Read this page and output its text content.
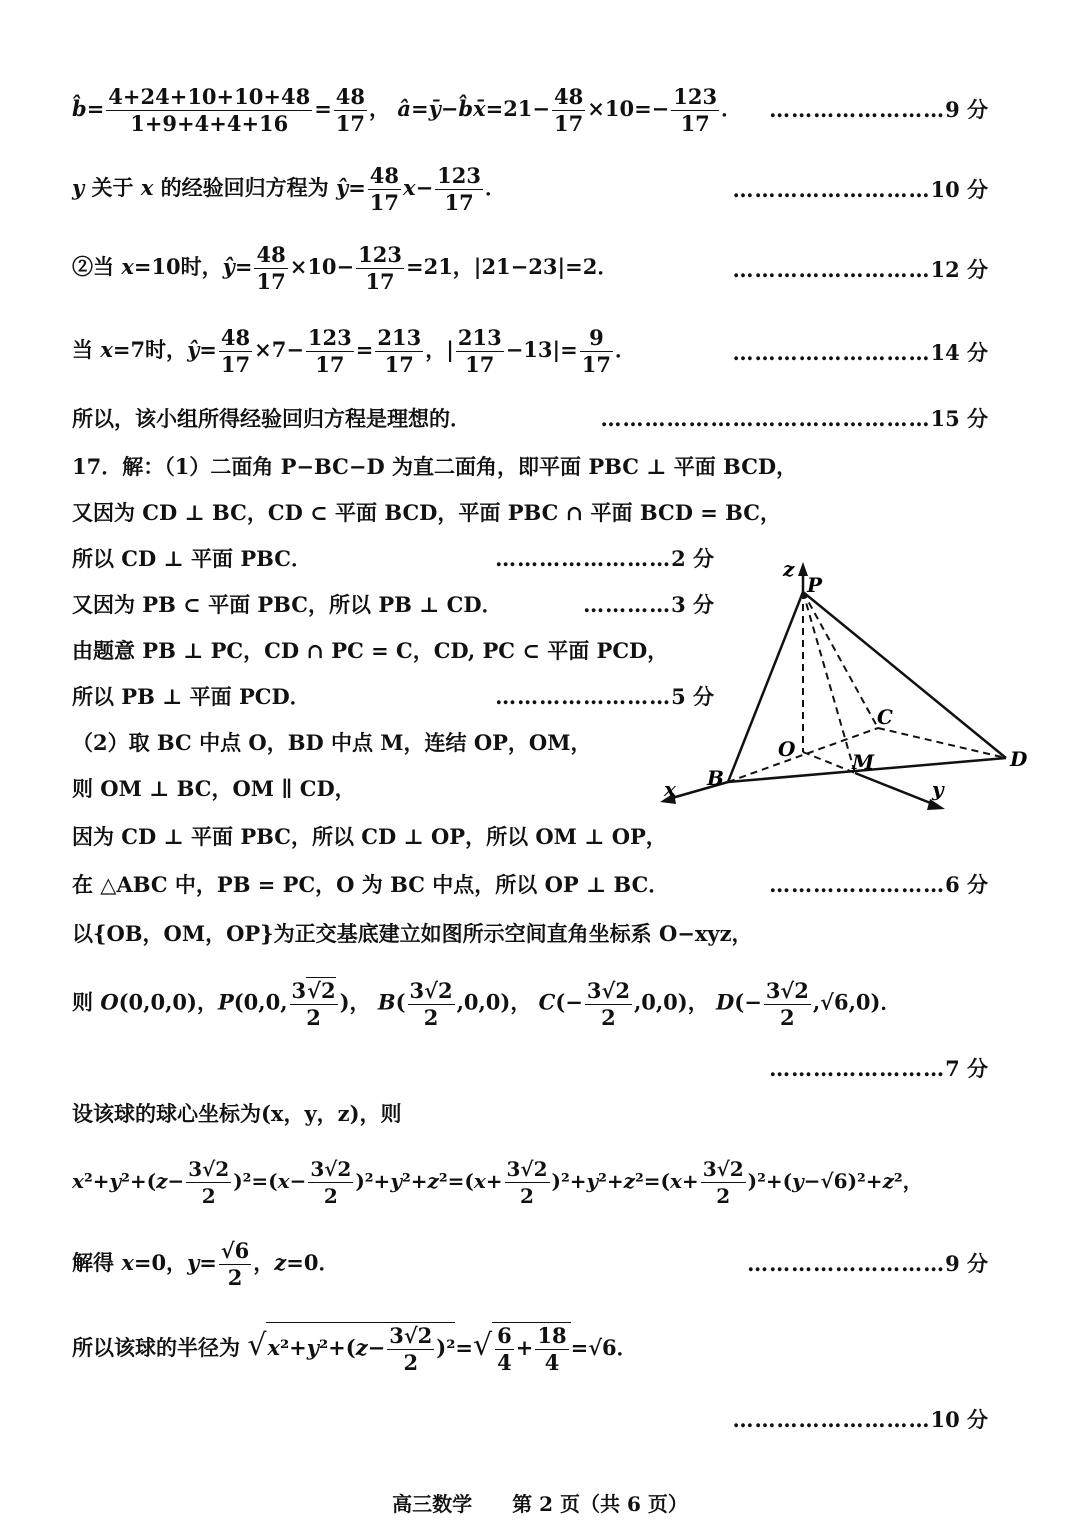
b̂= $\frac{4+24+10+10+48}{1+9+4+4+16} = \frac{48}{17}$ ， â=ȳ−b̂x̄=21− $\frac{48}{17} \times 10=- \frac{123}{17}$ ． ……………………9 分
y 关于 x 的经验回归方程为 ŷ= $\frac{48}{17} x- \frac{123}{17}$ ．	………………………10 分
②当 x=10时，ŷ= $\frac{48}{17} \times 10- \frac{123}{17} =21$，|21−23|=2．	………………………12 分
当 x=7时，ŷ= $\frac{48}{17} \times 7- \frac{123}{17} = \frac{213}{17}$ ，| $\frac{213}{17} -13|= \frac{9}{17}$ ．	………………………14 分
所以，该小组所得经验回归方程是理想的．	………………………………………15 分
17．解：（1）二面角 P−BC−D 为直二面角，即平面 PBC ⊥ 平面 BCD，
又因为 CD ⊥ BC，CD ⊂ 平面 BCD，平面 PBC ∩ 平面 BCD = BC，
所以 CD ⊥ 平面 PBC．	……………………2 分
又因为 PB ⊂ 平面 PBC，所以 PB ⊥ CD．	…………3 分
由题意 PB ⊥ PC，CD ∩ PC = C，CD, PC ⊂ 平面 PCD，
所以 PB ⊥ 平面 PCD．	……………………5 分
（2）取 BC 中点 O，BD 中点 M，连结 OP，OM，
则 OM ⊥ BC，OM ∥ CD，
因为 CD ⊥ 平面 PBC，所以 CD ⊥ OP，所以 OM ⊥ OP，
在 △ABC 中，PB = PC，O 为 BC 中点，所以 OP ⊥ BC．	……………………6 分
以{OB，OM，OP}为正交基底建立如图所示空间直角坐标系 O−xyz，
则 O(0,0,0)，P(0,0, $\frac{3√2}{2}$ )， $B( \frac{3√2}{2} ,0,0)$， $C(- \frac{3√2}{2} ,0,0)$， $D(- \frac{3√2}{2} ,√6,0)$．
……………………7 分
设该球的球心坐标为(x，y，z)，则
$x^2+y^2+(z- \frac{3√2}{2} )^2=(x- \frac{3√2}{2} )^2+y^2+z^2=(x+ \frac{3√2}{2} )^2+y^2+z^2=(x+ \frac{3√2}{2} )^2+(y-√6)^2+z^2$，
解得 x=0，$y= \frac{√6}{2}$ ，z=0．	………………………9 分
所以该球的半径为 $√x^2+y^2+(z- \frac{3√2}{2} )^2=√ \frac{6}{4} + \frac{18}{4} =√6$．
………………………10 分
z
P
C
O
M	D
B
x	y
高三数学　　第 2 页（共 6 页）
